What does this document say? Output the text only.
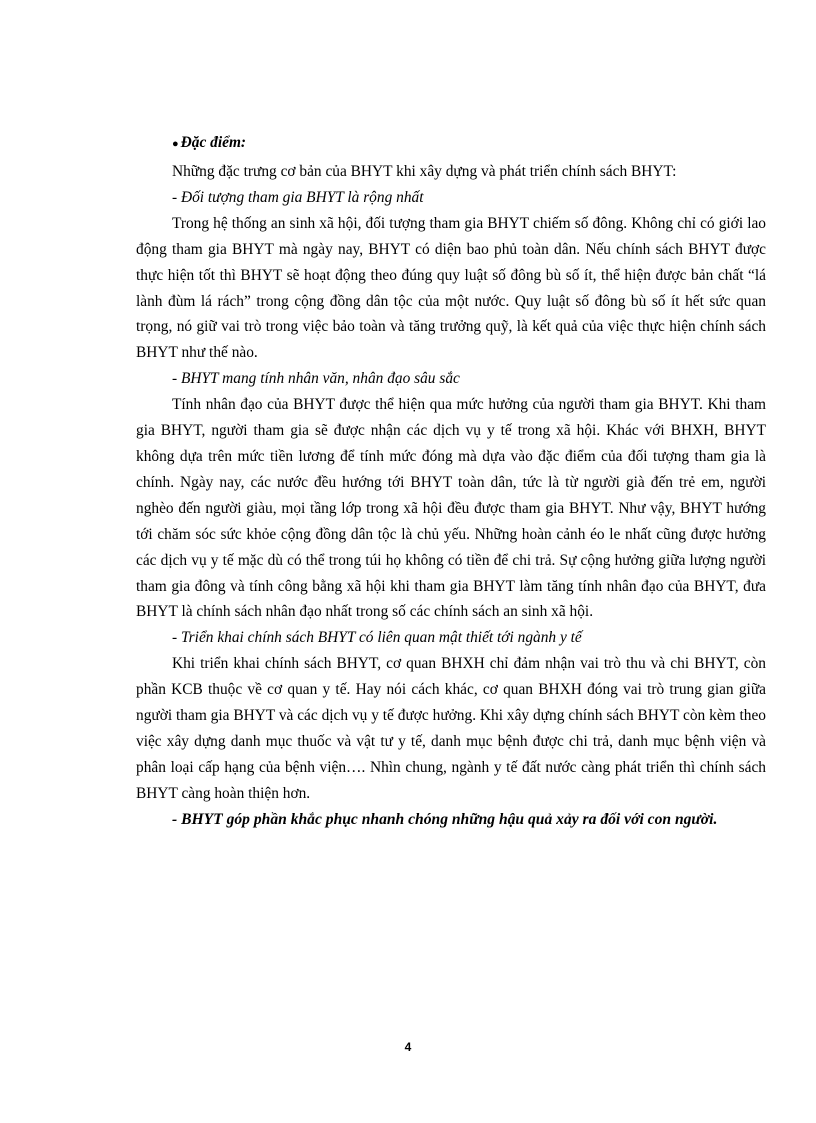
● Đặc điểm:

Những đặc trưng cơ bản của BHYT khi xây dựng và phát triển chính sách BHYT:

- Đối tượng tham gia BHYT là rộng nhất

Trong hệ thống an sinh xã hội, đối tượng tham gia BHYT chiếm số đông. Không chỉ có giới lao động tham gia BHYT mà ngày nay, BHYT có diện bao phủ toàn dân. Nếu chính sách BHYT được thực hiện tốt thì BHYT sẽ hoạt động theo đúng quy luật số đông bù số ít, thể hiện được bản chất “lá lành đùm lá rách” trong cộng đồng dân tộc của một nước. Quy luật số đông bù số ít hết sức quan trọng, nó giữ vai trò trong việc bảo toàn và tăng trưởng quỹ, là kết quả của việc thực hiện chính sách BHYT như thế nào.

- BHYT mang tính nhân văn, nhân đạo sâu sắc

Tính nhân đạo của BHYT được thể hiện qua mức hưởng của người tham gia BHYT. Khi tham gia BHYT, người tham gia sẽ được nhận các dịch vụ y tế trong xã hội. Khác với BHXH, BHYT không dựa trên mức tiền lương để tính mức đóng mà dựa vào đặc điểm của đối tượng tham gia là chính. Ngày nay, các nước đều hướng tới BHYT toàn dân, tức là từ người già đến trẻ em, người nghèo đến người giàu, mọi tầng lớp trong xã hội đều được tham gia BHYT. Như vậy, BHYT hướng tới chăm sóc sức khỏe cộng đồng dân tộc là chủ yếu. Những hoàn cảnh éo le nhất cũng được hưởng các dịch vụ y tế mặc dù có thể trong túi họ không có tiền để chi trả. Sự cộng hưởng giữa lượng người tham gia đông và tính công bằng xã hội khi tham gia BHYT làm tăng tính nhân đạo của BHYT, đưa BHYT là chính sách nhân đạo nhất trong số các chính sách an sinh xã hội.

- Triển khai chính sách BHYT có liên quan mật thiết tới ngành y tế

Khi triển khai chính sách BHYT, cơ quan BHXH chỉ đảm nhận vai trò thu và chi BHYT, còn phần KCB thuộc về cơ quan y tế. Hay nói cách khác, cơ quan BHXH đóng vai trò trung gian giữa người tham gia BHYT và các dịch vụ y tế được hưởng. Khi xây dựng chính sách BHYT còn kèm theo việc xây dựng danh mục thuốc và vật tư y tế, danh mục bệnh được chi trả, danh mục bệnh viện và phân loại cấp hạng của bệnh viện…. Nhìn chung, ngành y tế đất nước càng phát triển thì chính sách BHYT càng hoàn thiện hơn.

- BHYT góp phần khắc phục nhanh chóng những hậu quả xảy ra đối với con người.

4
